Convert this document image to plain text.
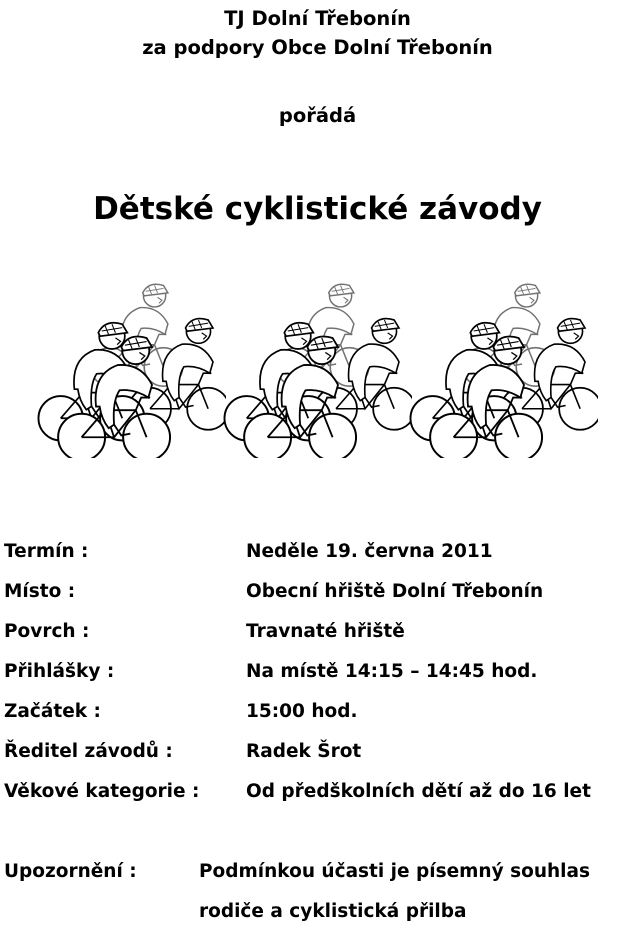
TJ Dolní Třebonín
za podpory Obce Dolní Třebonín
pořádá
Dětské cyklistické závody
Termín :	Neděle 19. června 2011
Místo :	Obecní hřiště Dolní Třebonín
Povrch :	Travnaté hřiště
Přihlášky :	Na místě 14:15 – 14:45 hod.
Začátek :	15:00 hod.
Ředitel závodů :	Radek Šrot
Věkové kategorie :	Od předškolních dětí až do 16 let
Upozornění :	Podmínkou účasti je písemný souhlas
rodiče a cyklistická přilba
